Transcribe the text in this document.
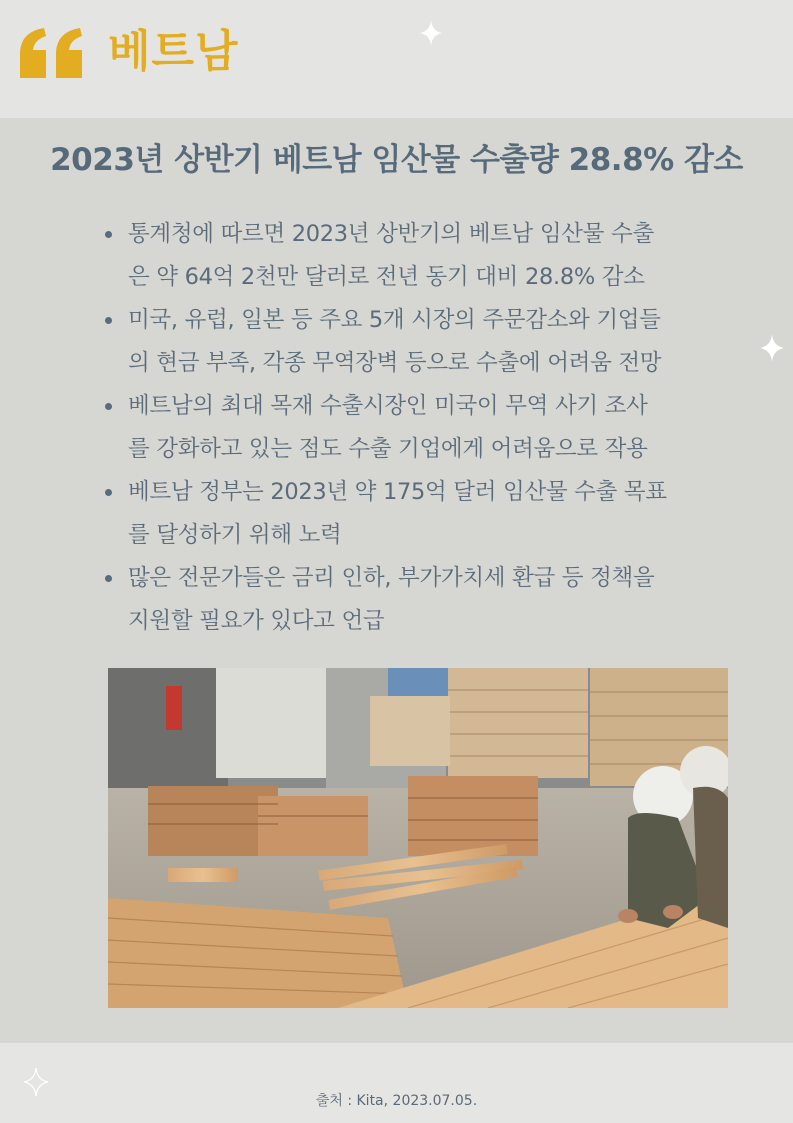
베트남
2023년 상반기 베트남 임산물 수출량 28.8% 감소
통계청에 따르면 2023년 상반기의 베트남 임산물 수출
은 약 64억 2천만 달러로 전년 동기 대비 28.8% 감소
미국, 유럽, 일본 등 주요 5개 시장의 주문감소와 기업들
의 현금 부족, 각종 무역장벽 등으로 수출에 어려움 전망
베트남의 최대 목재 수출시장인 미국이 무역 사기 조사
를 강화하고 있는 점도 수출 기업에게 어려움으로 작용
베트남 정부는 2023년 약 175억 달러 임산물 수출 목표
를 달성하기 위해 노력
많은 전문가들은 금리 인하, 부가가치세 환급 등 정책을
지원할 필요가 있다고 언급
출처 : Kita, 2023.07.05.
